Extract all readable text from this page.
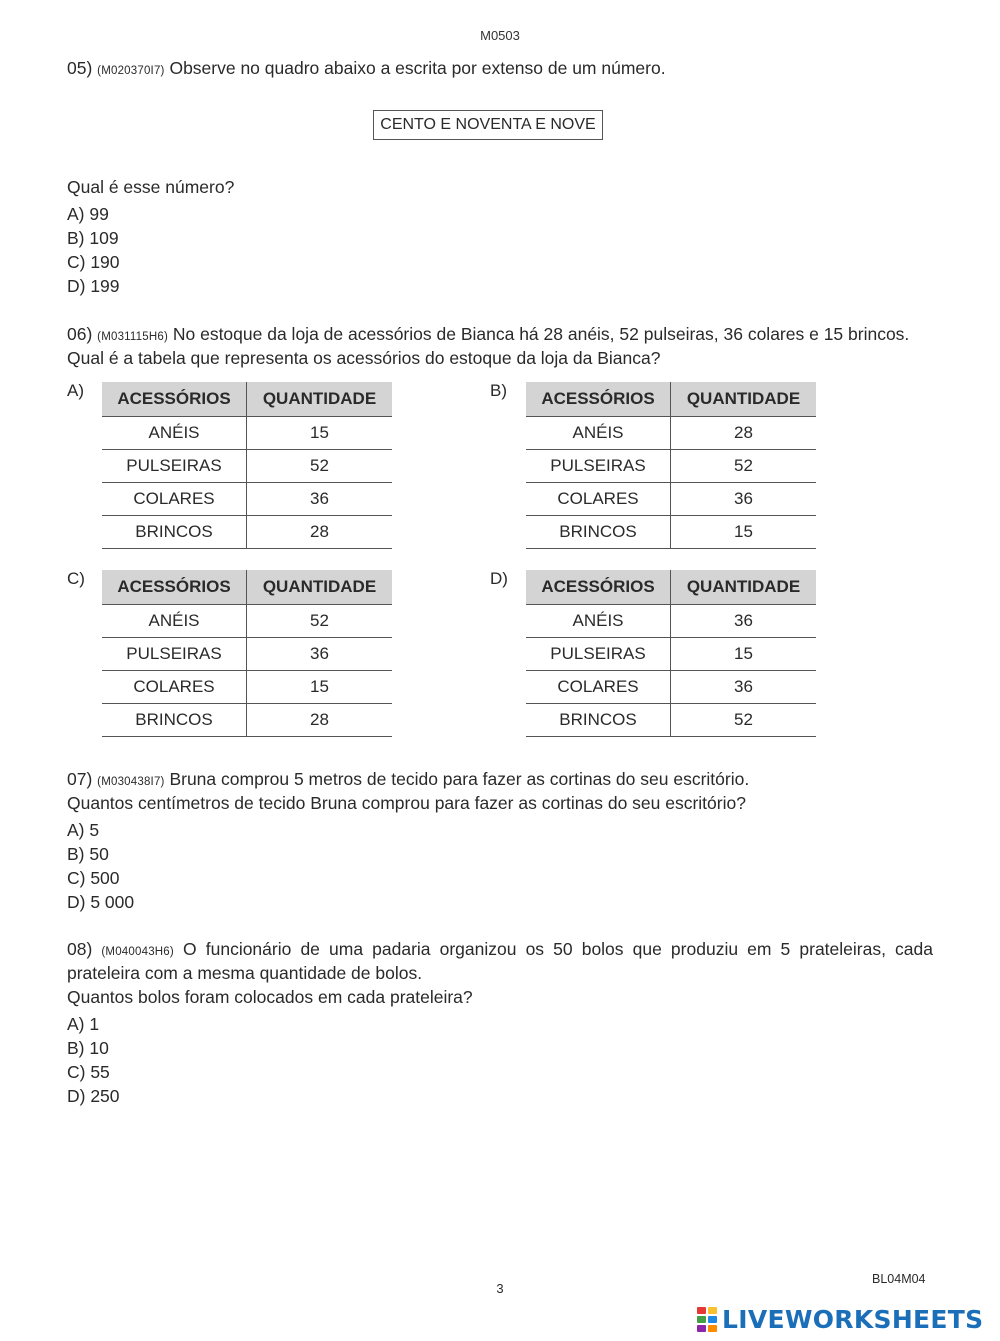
M0503
05) (M020370I7) Observe no quadro abaixo a escrita por extenso de um número.
CENTO E NOVENTA E NOVE
Qual é esse número?
A) 99
B) 109
C) 190
D) 199
06) (M031115H6) No estoque da loja de acessórios de Bianca há 28 anéis, 52 pulseiras, 36 colares e 15 brincos.
Qual é a tabela que representa os acessórios do estoque da loja da Bianca?
A) ACESSÓRIOS	QUANTIDADE
ANÉIS	15
PULSEIRAS	52
COLARES	36
BRINCOS	28
B) ACESSÓRIOS	QUANTIDADE
ANÉIS	28
PULSEIRAS	52
COLARES	36
BRINCOS	15
C) ACESSÓRIOS	QUANTIDADE
ANÉIS	52
PULSEIRAS	36
COLARES	15
BRINCOS	28
D) ACESSÓRIOS	QUANTIDADE
ANÉIS	36
PULSEIRAS	15
COLARES	36
BRINCOS	52
07) (M030438I7) Bruna comprou 5 metros de tecido para fazer as cortinas do seu escritório.
Quantos centímetros de tecido Bruna comprou para fazer as cortinas do seu escritório?
A) 5
B) 50
C) 500
D) 5 000
08) (M040043H6) O funcionário de uma padaria organizou os 50 bolos que produziu em 5 prateleiras, cada
prateleira com a mesma quantidade de bolos.
Quantos bolos foram colocados em cada prateleira?
A) 1
B) 10
C) 55
D) 250
BL04M04
3
LIVEWORKSHEETS
